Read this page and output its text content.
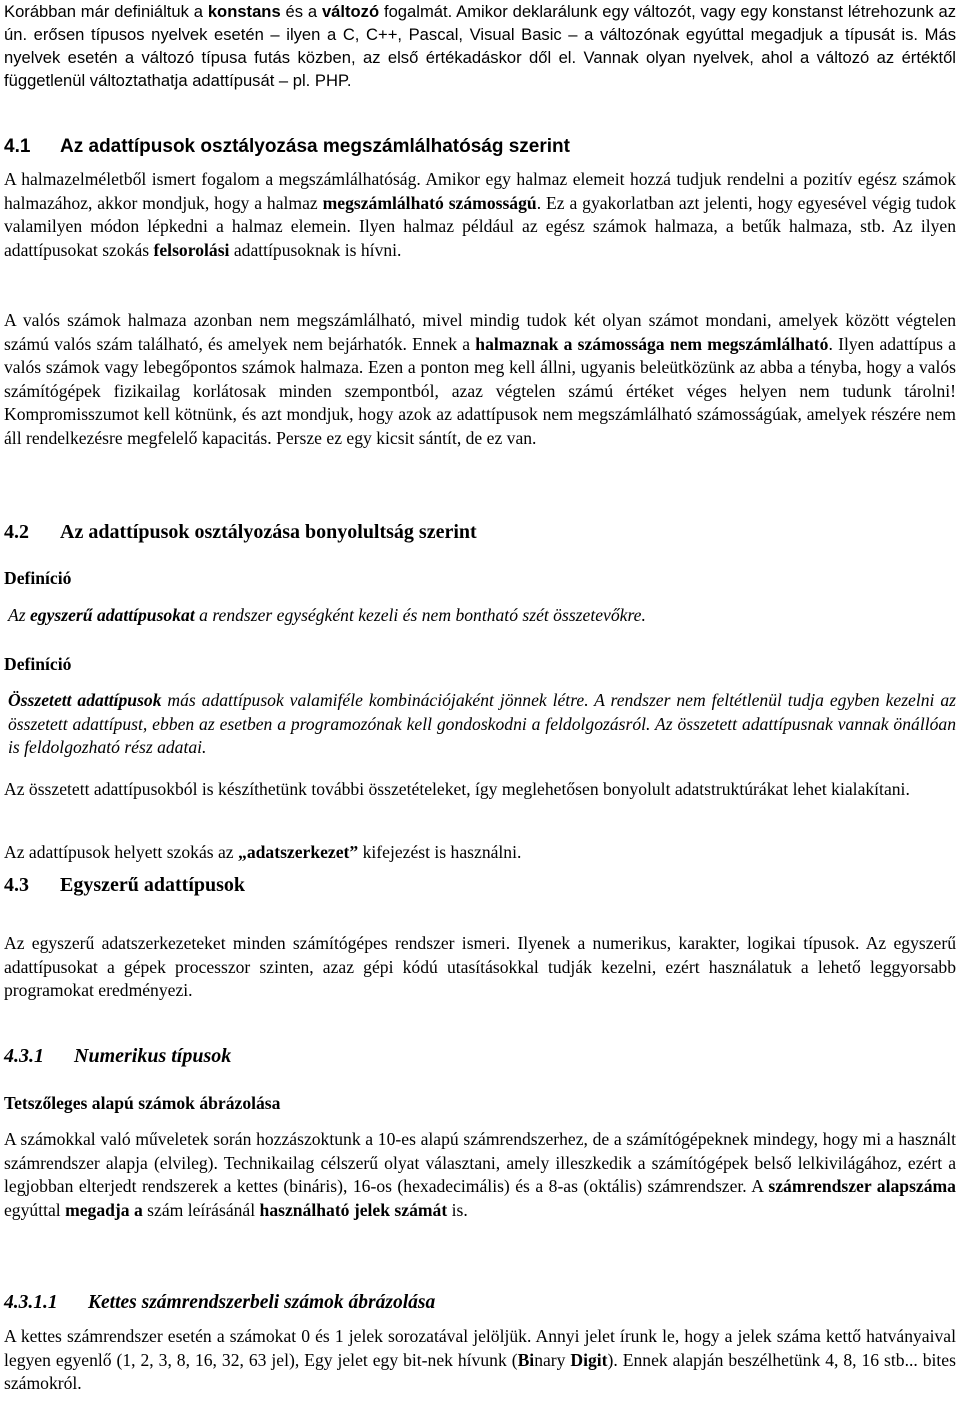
Korábban már definiáltuk a konstans és a változó fogalmát. Amikor deklarálunk egy változót, vagy egy konstanst létrehozunk az ún. erősen típusos nyelvek esetén – ilyen a C, C++, Pascal, Visual Basic – a változónak egyúttal megadjuk a típusát is. Más nyelvek esetén a változó típusa futás közben, az első értékadáskor dől el. Vannak olyan nyelvek, ahol a változó az értéktől függetlenül változtathatja adattípusát – pl. PHP.

4.1 Az adattípusok osztályozása megszámlálhatóság szerint

A halmazelméletből ismert fogalom a megszámlálhatóság. Amikor egy halmaz elemeit hozzá tudjuk rendelni a pozitív egész számok halmazához, akkor mondjuk, hogy a halmaz megszámlálható számosságú. Ez a gyakorlatban azt jelenti, hogy egyesével végig tudok valamilyen módon lépkedni a halmaz elemein. Ilyen halmaz például az egész számok halmaza, a betűk halmaza, stb. Az ilyen adattípusokat szokás felsorolási adattípusoknak is hívni.

A valós számok halmaza azonban nem megszámlálható, mivel mindig tudok két olyan számot mondani, amelyek között végtelen számú valós szám található, és amelyek nem bejárhatók. Ennek a halmaznak a számossága nem megszámlálható. Ilyen adattípus a valós számok vagy lebegőpontos számok halmaza. Ezen a ponton meg kell állni, ugyanis beleütközünk az abba a tényba, hogy a valós számítógépek fizikailag korlátosak minden szempontból, azaz végtelen számú értéket véges helyen nem tudunk tárolni! Kompromisszumot kell kötnünk, és azt mondjuk, hogy azok az adattípusok nem megszámlálható számosságúak, amelyek részére nem áll rendelkezésre megfelelő kapacitás. Persze ez egy kicsit sántít, de ez van.

4.2 Az adattípusok osztályozása bonyolultság szerint
Definíció

Az egyszerű adattípusokat a rendszer egységként kezeli és nem bontható szét összetevőkre.

Definíció

Összetett adattípusok más adattípusok valamiféle kombinációjaként jönnek létre. A rendszer nem feltétlenül tudja egyben kezelni az összetett adattípust, ebben az esetben a programozónak kell gondoskodni a feldolgozásról. Az összetett adattípusnak vannak önállóan is feldolgozható rész adatai.

Az összetett adattípusokból is készíthetünk további összetételeket, így meglehetősen bonyolult adatstruktúrákat lehet kialakítani.

Az adattípusok helyett szokás az „adatszerkezet” kifejezést is használni.

4.3 Egyszerű adattípusok

Az egyszerű adatszerkezeteket minden számítógépes rendszer ismeri. Ilyenek a numerikus, karakter, logikai típusok. Az egyszerű adattípusokat a gépek processzor szinten, azaz gépi kódú utasításokkal tudják kezelni, ezért használatuk a lehető leggyorsabb programokat eredményezi.

4.3.1 Numerikus típusok
Tetszőleges alapú számok ábrázolása

A számokkal való műveletek során hozzászoktunk a 10-es alapú számrendszerhez, de a számítógépeknek mindegy, hogy mi a használt számrendszer alapja (elvileg). Technikailag célszerű olyat választani, amely illeszkedik a számítógépek belső lelkivilágához, ezért a legjobban elterjedt rendszerek a kettes (bináris), 16-os (hexadecimális) és a 8-as (oktális) számrendszer. A számrendszer alapszáma egyúttal megadja a szám leírásánál használható jelek számát is.

4.3.1.1 Kettes számrendszerbeli számok ábrázolása

A kettes számrendszer esetén a számokat 0 és 1 jelek sorozatával jelöljük. Annyi jelet írunk le, hogy a jelek száma kettő hatványaival legyen egyenlő (1, 2, 3, 8, 16, 32, 63 jel), Egy jelet egy bit-nek hívunk (Binary Digit). Ennek alapján beszélhetünk 4, 8, 16 stb... bites számokról.
